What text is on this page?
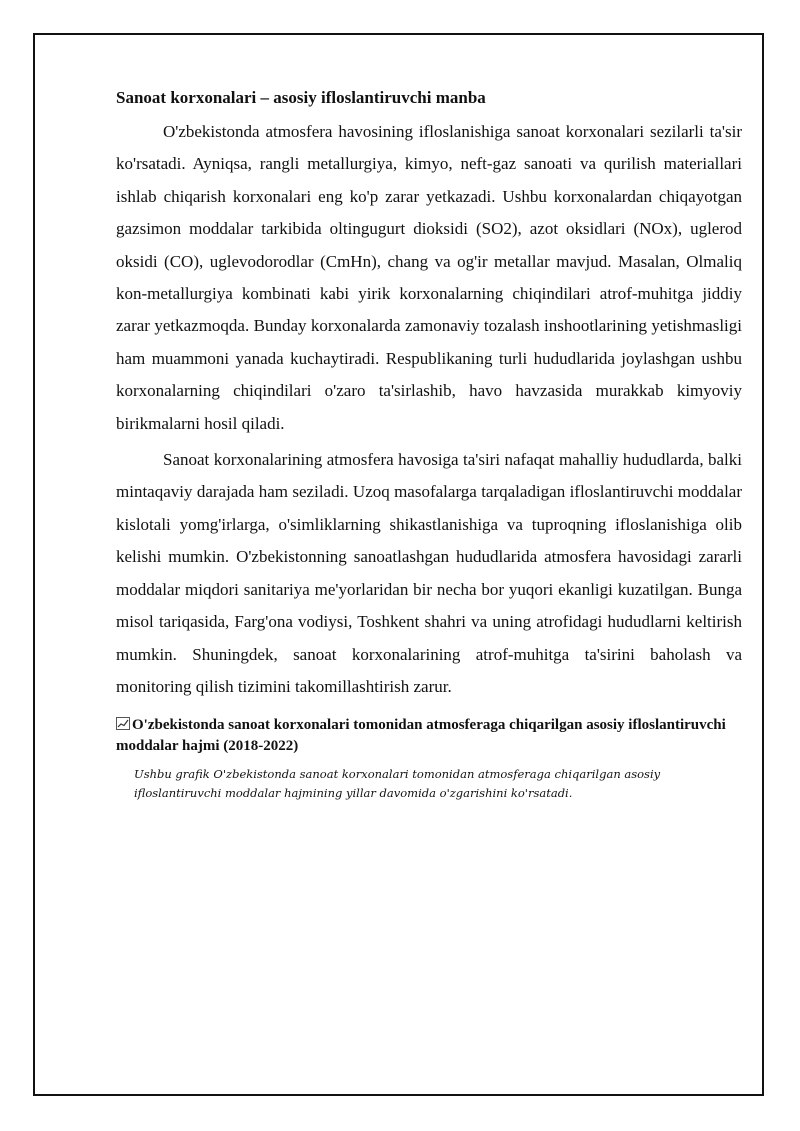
Sanoat korxonalari – asosiy ifloslantiruvchi manba

O'zbekistonda atmosfera havosining ifloslanishiga sanoat korxonalari sezilarli ta'sir ko'rsatadi. Ayniqsa, rangli metallurgiya, kimyo, neft-gaz sanoati va qurilish materiallari ishlab chiqarish korxonalari eng ko'p zarar yetkazadi. Ushbu korxonalardan chiqayotgan gazsimon moddalar tarkibida oltingugurt dioksidi (SO2), azot oksidlari (NOx), uglerod oksidi (CO), uglevodorodlar (CmHn), chang va og'ir metallar mavjud. Masalan, Olmaliq kon-metallurgiya kombinati kabi yirik korxonalarning chiqindilari atrof-muhitga jiddiy zarar yetkazmoqda. Bunday korxonalarda zamonaviy tozalash inshootlarining yetishmasligi ham muammoni yanada kuchaytiradi. Respublikaning turli hududlarida joylashgan ushbu korxonalarning chiqindilari o'zaro ta'sirlashib, havo havzasida murakkab kimyoviy birikmalarni hosil qiladi.

Sanoat korxonalarining atmosfera havosiga ta'siri nafaqat mahalliy hududlarda, balki mintaqaviy darajada ham seziladi. Uzoq masofalarga tarqaladigan ifloslantiruvchi moddalar kislotali yomg'irlarga, o'simliklarning shikastlanishiga va tuproqning ifloslanishiga olib kelishi mumkin. O'zbekistonning sanoatlashgan hududlarida atmosfera havosidagi zararli moddalar miqdori sanitariya me'yorlaridan bir necha bor yuqori ekanligi kuzatilgan. Bunga misol tariqasida, Farg'ona vodiysi, Toshkent shahri va uning atrofidagi hududlarni keltirish mumkin. Shuningdek, sanoat korxonalarining atrof-muhitga ta'sirini baholash va monitoring qilish tizimini takomillashtirish zarur.

O'zbekistonda sanoat korxonalari tomonidan atmosferaga chiqarilgan asosiy ifloslantiruvchi moddalar hajmi (2018-2022)

Ushbu grafik O'zbekistonda sanoat korxonalari tomonidan atmosferaga chiqarilgan asosiy ifloslantiruvchi moddalar hajmining yillar davomida o'zgarishini ko'rsatadi.
